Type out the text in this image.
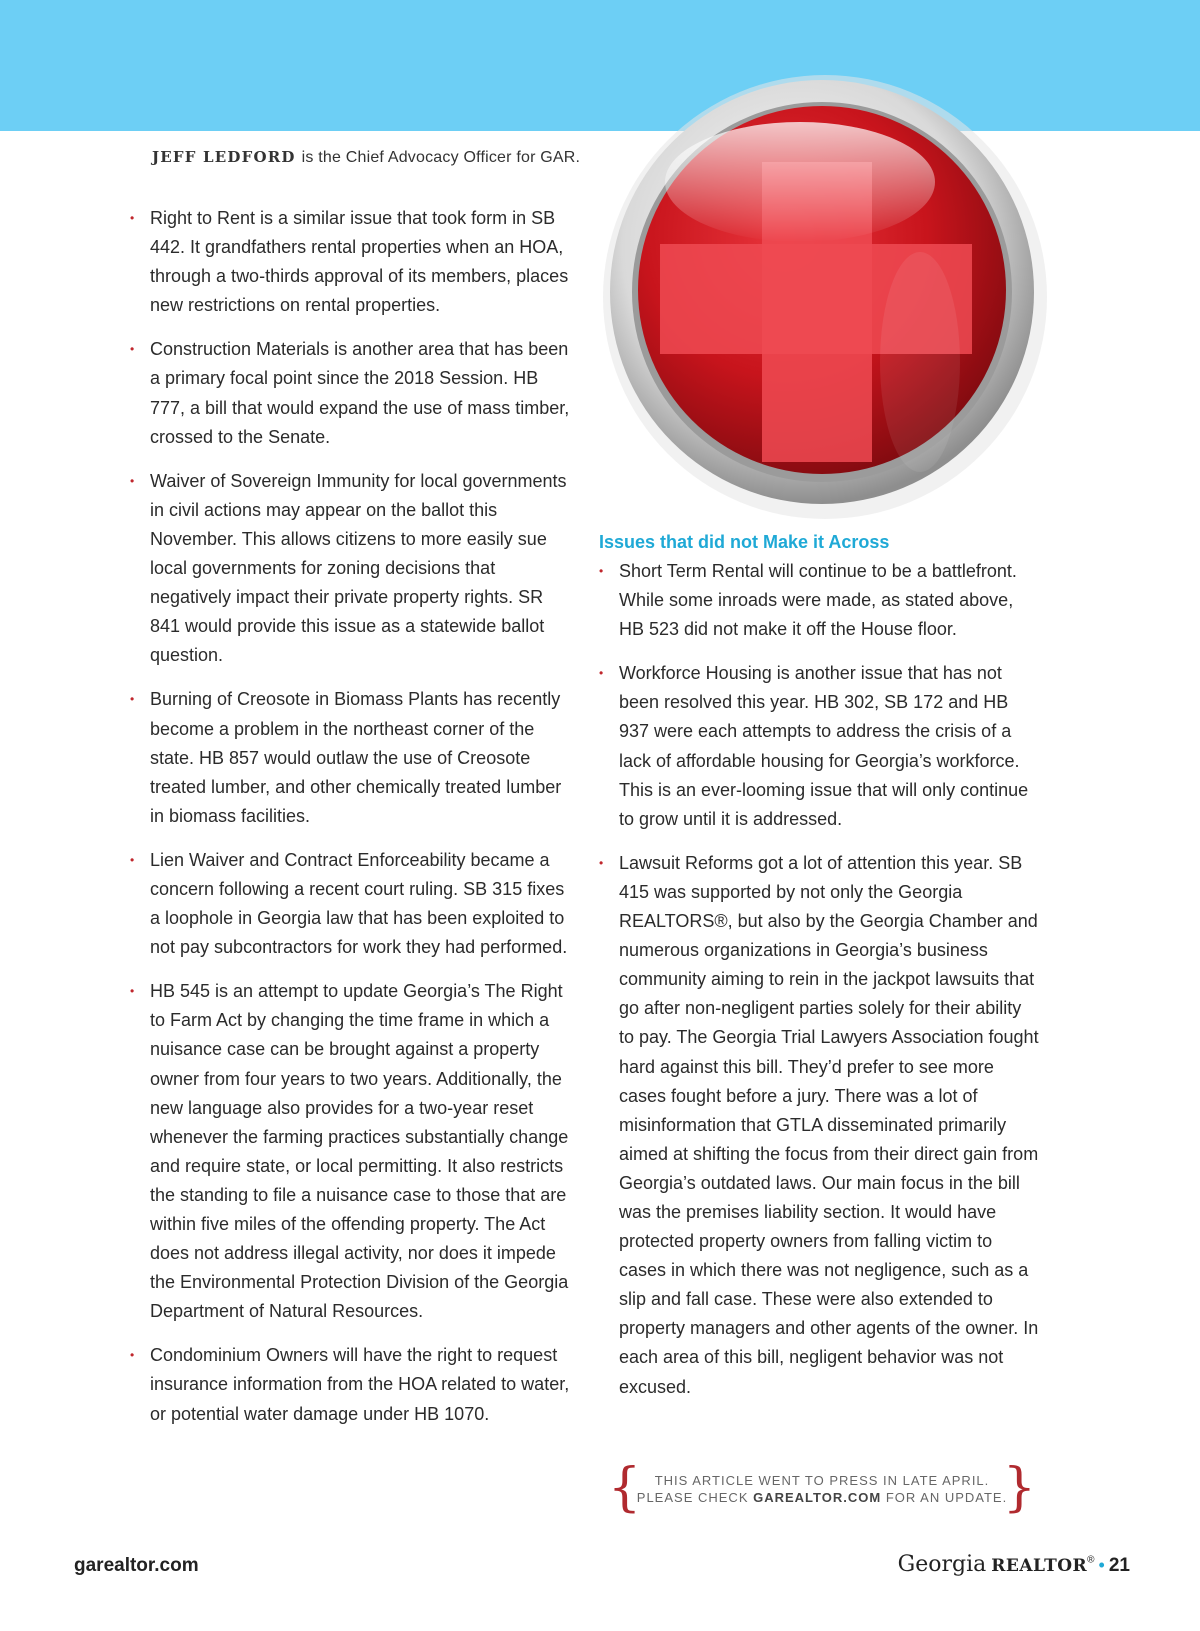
JEFF LEDFORD is the Chief Advocacy Officer for GAR.
• Right to Rent is a similar issue that took form in SB 442. It grandfathers rental properties when an HOA, through a two-thirds approval of its members, places new restrictions on rental properties.
• Construction Materials is another area that has been a primary focal point since the 2018 Session. HB 777, a bill that would expand the use of mass timber, crossed to the Senate.
• Waiver of Sovereign Immunity for local governments in civil actions may appear on the ballot this November. This allows citizens to more easily sue local governments for zoning decisions that negatively impact their private property rights. SR 841 would provide this issue as a statewide ballot question.
• Burning of Creosote in Biomass Plants has recently become a problem in the northeast corner of the state. HB 857 would outlaw the use of Creosote treated lumber, and other chemically treated lumber in biomass facilities.
• Lien Waiver and Contract Enforceability became a concern following a recent court ruling. SB 315 fixes a loophole in Georgia law that has been exploited to not pay subcontractors for work they had performed.
• HB 545 is an attempt to update Georgia’s The Right to Farm Act by changing the time frame in which a nuisance case can be brought against a property owner from four years to two years. Additionally, the new language also provides for a two-year reset whenever the farming practices substantially change and require state, or local permitting. It also restricts the standing to file a nuisance case to those that are within five miles of the offending property. The Act does not address illegal activity, nor does it impede the Environmental Protection Division of the Georgia Department of Natural Resources.
• Condominium Owners will have the right to request insurance information from the HOA related to water, or potential water damage under HB 1070.
Issues that did not Make it Across
• Short Term Rental will continue to be a battlefront. While some inroads were made, as stated above, HB 523 did not make it off the House floor.
• Workforce Housing is another issue that has not been resolved this year. HB 302, SB 172 and HB 937 were each attempts to address the crisis of a lack of affordable housing for Georgia’s workforce. This is an ever-looming issue that will only continue to grow until it is addressed.
• Lawsuit Reforms got a lot of attention this year. SB 415 was supported by not only the Georgia REALTORS®, but also by the Georgia Chamber and numerous organizations in Georgia’s business community aiming to rein in the jackpot lawsuits that go after non-negligent parties solely for their ability to pay. The Georgia Trial Lawyers Association fought hard against this bill. They’d prefer to see more cases fought before a jury. There was a lot of misinformation that GTLA disseminated primarily aimed at shifting the focus from their direct gain from Georgia’s outdated laws. Our main focus in the bill was the premises liability section. It would have protected property owners from falling victim to cases in which there was not negligence, such as a slip and fall case. These were also extended to property managers and other agents of the owner. In each area of this bill, negligent behavior was not excused.
{	THIS ARTICLE WENT TO PRESS IN LATE APRIL.
PLEASE CHECK GAREALTOR.COM FOR AN UPDATE.
}
garealtor.com	Georgia REALTOR® • 21
